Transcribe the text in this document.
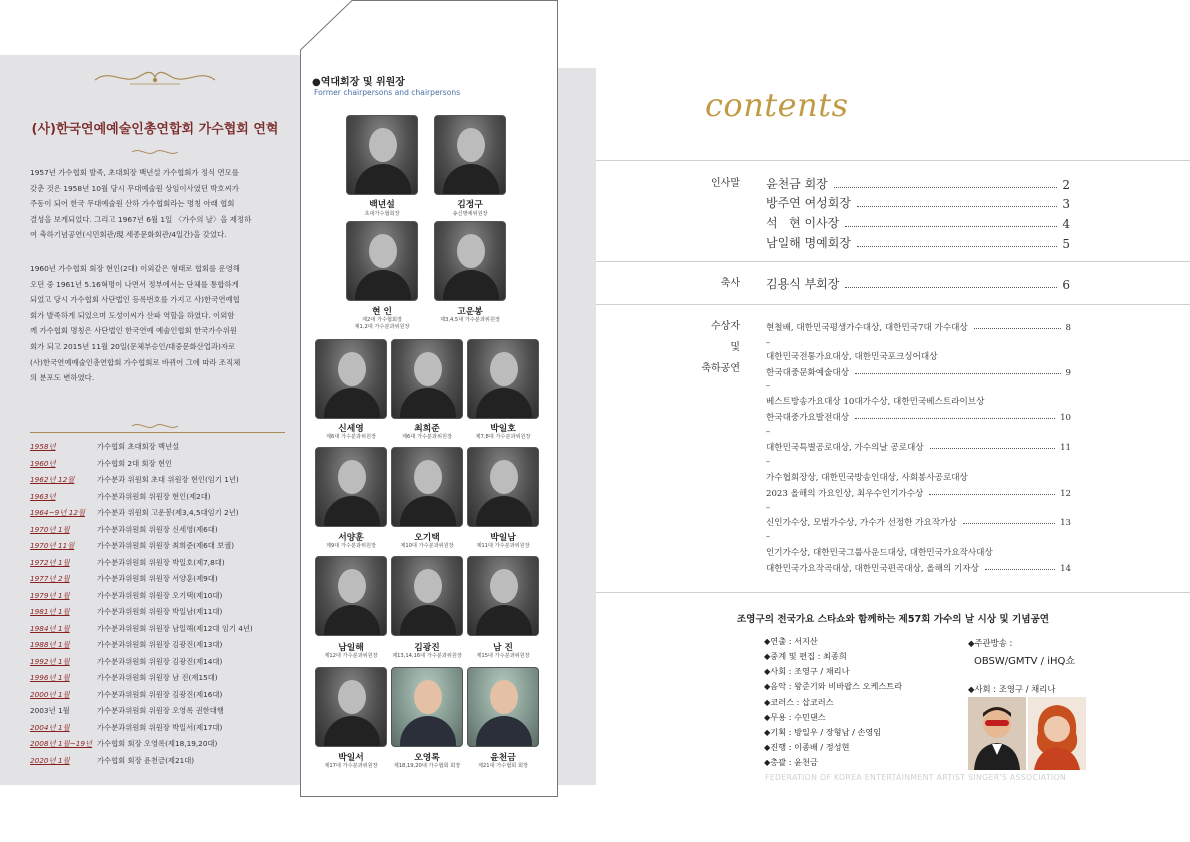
(사)한국연예예술인총연합회 가수협회 연혁
1957년 가수협회 발족, 초대회장 백년설 가수협회가 정식 면모를
갖춘 것은 1958년 10월 당시 무대예술원 상임이사였던 박호씨가
주동이 되어 한국 무대예술원 산하 가수협회라는 명칭 아래 협회
결성을 보게되었다. 그리고 1967년 6월 1일 〈가수의 날〉을 제정하
여 축하기념공연(시민회관/現 세종문화회관/4일간)을 갖었다.
1960년 가수협회 회장 현인(2대) 이외같은 형태로 협회를 운영해
오던 중 1961년 5.16혁명이 나면서 정부에서는 단체를 통합하게
되었고 당시 가수협회 사단법인 등록번호를 가지고 사)한국연예협
회가 발족하게 되었으며 도성이씨가 산파 역할을 하였다. 이외함
께 가수협회 명칭은 사단법인 한국연예 예술인협회 한국가수위원
회가 되고 2015년 11월 20일(문체부승인/대중문화산업과)자로
(사)한국연예예술인총연합회 가수협회로 바뀌어 그에 따라 조직체
의 분포도 변하였다.
1958년	가수협회 초대회장 백년설
1960년	가수협회 2대 회장 현인
1962년 12월	가수분과 위원회 초대 위원장 현인(임기 1년)
1963년	가수분과위원회 위원장 현인(제2대)
1964~9년 12월	가수분과 위원회 고운봉(제3,4,5대임기 2년)
1970년 1월	가수분과위원회 위원장 신세영(제6대)
1970년 11월	가수분과위원회 위원장 최희준(제6대 보궐)
1972년 1월	가수분과위원회 위원장 박일호(제7,8대)
1977년 2월	가수분과위원회 위원장 서양훈(제9대)
1979년 1월	가수분과위원회 위원장 오기택(제10대)
1981년 1월	가수분과위원회 위원장 박일남(제11대)
1984년 1월	가수분과위원회 위원장 남일해(제12대 임기 4년)
1988년 1월	가수분과위원회 위원장 김광진(제13대)
1992년 1월	가수분과위원회 위원장 김광진(제14대)
1996년 1월	가수분과위원회 위원장 남 진(제15대)
2000년 1월	가수분과위원회 위원장 김광진(제16대)
2003년 1월	가수분과위원회 위원장 오영록 권한대행
2004년 1월	가수분과위원회 위원장 박일서(제17대)
2008년 1월~19년 가수협회 회장 오영록(제18,19,20대)
2020년 1월	가수협회 회장 윤천금(제21대)
●역대회장 및 위원장
Former chairpersons and chairpersons
백년설
초대가수협회장
김정구
송신명예위원장
현 인
제2대 가수협회장
제1,2대 가수분과위원장
고운봉
제3,4,5대 가수분과위원장
신세영
제6대 가수분과위원장
최희준
제6대 가수분과위원장
박일호
제7,8대 가수분과위원장
서양훈
제9대 가수분과위원장
오기택
제10대 가수분과위원장
박일남
제11대 가수분과위원장
남일해
제12대 가수분과위원장
김광진
제13,14,16대 가수분과위원장
남 진
제15대 가수분과위원장
박일서
제17대 가수분과위원장
오영록
제18,19,20대 가수협회 회장
윤천금
제21대 가수협회 회장
contents
인사말 윤천금 회장	2
방주연 여성회장	3
석   현 이사장	4
남일해 명예회장	5
축사 김용식 부회장	6
수상자
및
축하공연
현철배, 대한민국평생가수대상, 대한민국7대 가수대상	8
–
대한민국전통가요대상, 대한민국포크싱어대상
한국대중문화예술대상	9
–
베스트방송가요대상 10대가수상, 대한민국베스트라이브상
한국대중가요발전대상	10
–
대한민국특별공로대상, 가수의날 공로대상	11
–
가수협회장상, 대한민국방송인대상, 사회봉사공로대상
2023 올해의 가요인상, 최우수인기가수상	12
–
신인가수상, 모범가수상, 가수가 선정한 가요작가상	13
–
인기가수상, 대한민국그룹사운드대상, 대한민국가요작사대상
대한민국가요작곡대상, 대한민국편곡대상, 올해의 기자상	14
조영구의 전국가요 스타쇼와 함께하는 제57회 가수의 날 시상 및 기념공연
◆연출 : 서지산
◆중계 및 편집 : 최종희
◆사회 : 조영구 / 채리나
◆음악 : 왕준기와 비바팝스 오케스트라
◆코러스 : 삽코러스
◆무용 : 수민댄스
◆기획 : 방일우 / 장형남 / 손영임
◆진행 : 이종배 / 정성현
◆총괄 : 윤천금
◆주관방송 :
OBSW/GMTV / iHQ쇼
◆사회 : 조영구 / 채리나
FEDERATION OF KOREA ENTERTAINMENT ARTIST SINGER'S ASSOCIATION
